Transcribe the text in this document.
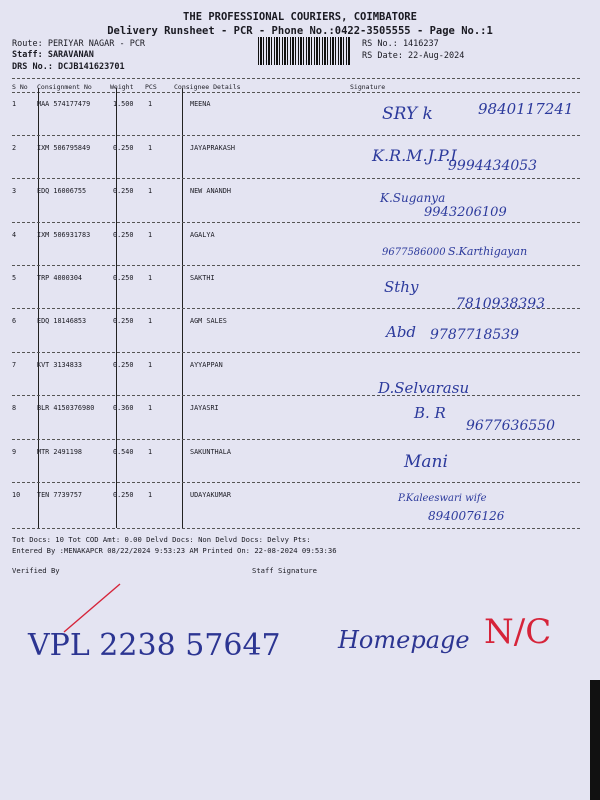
THE PROFESSIONAL COURIERS, COIMBATORE
Delivery Runsheet - PCR - Phone No.:0422-3505555 - Page No.:1
Route: PERIYAR NAGAR - PCR
Staff: SARAVANAN
DRS No.: DCJB141623701
RS No.: 1416237
RS Date: 22-Aug-2024
S No Consignment No	Weight PCS	Consignee Details	Signature
1	MAA 574177479	1.500 1	MEENA	SRY k	9840117241
2	IXM 506795849	0.250 1	JAYAPRAKASH	K.R.M.J.P.I
9994434053
3	EDQ 16006755	0.250 1	NEW ANANDH	K.Suganya
9943206109
4	IXM 506931783	0.250 1	AGALYA
9677586000 S.Karthigayan
5	TRP 4000304	0.250 1	SAKTHI	Sthy
7810938393
6	EDQ 18146853	0.250 1	AGM SALES
Abd 9787718539
7	KVT 3134833	0.250 1	AYYAPPAN
D.Selvarasu
8	BLR 4150376980	0.360 1	JAYASRI	B. R
9677636550
9	MTR 2491198	0.540 1	SAKUNTHALA	Mani
10 TEN 7739757	0.250 1	UDAYAKUMAR	P.Kaleeswari wife
8940076126
Tot Docs: 10 Tot COD Amt: 0.00 Delvd Docs: Non Delvd Docs: Delvy Pts:
Entered By :MENAKAPCR 08/22/2024 9:53:23 AM Printed On: 22-08-2024 09:53:36
Verified By	Staff Signature
VPL 2238 57647 Homepage N/C
